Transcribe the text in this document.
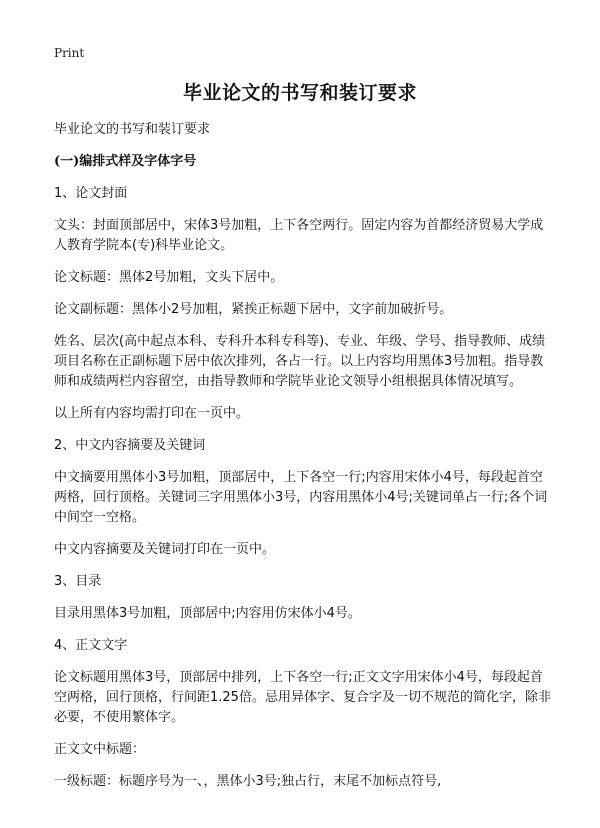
Print
毕业论文的书写和装订要求

毕业论文的书写和装订要求

(一)编排式样及字体字号

1、论文封面

文头：封面顶部居中，宋体3号加粗，上下各空两行。固定内容为首都经济贸易大学成人教育学院本(专)科毕业论文。

论文标题：黑体2号加粗，文头下居中。

论文副标题：黑体小2号加粗，紧挨正标题下居中，文字前加破折号。

姓名、层次(高中起点本科、专科升本科专科等)、专业、年级、学号、指导教师、成绩项目名称在正副标题下居中依次排列，各占一行。以上内容均用黑体3号加粗。指导教师和成绩两栏内容留空，由指导教师和学院毕业论文领导小组根据具体情况填写。

以上所有内容均需打印在一页中。

2、中文内容摘要及关键词

中文摘要用黑体小3号加粗，顶部居中，上下各空一行;内容用宋体小4号，每段起首空两格，回行顶格。关键词三字用黑体小3号，内容用黑体小4号;关键词单占一行;各个词中间空一空格。

中文内容摘要及关键词打印在一页中。

3、目录

目录用黑体3号加粗，顶部居中;内容用仿宋体小4号。

4、正文文字

论文标题用黑体3号，顶部居中排列，上下各空一行;正文文字用宋体小4号，每段起首空两格，回行顶格，行间距1.25倍。忌用异体字、复合字及一切不规范的简化字，除非必要，不使用繁体字。

正文文中标题：

一级标题：标题序号为一、，黑体小3号;独占行，末尾不加标点符号,
